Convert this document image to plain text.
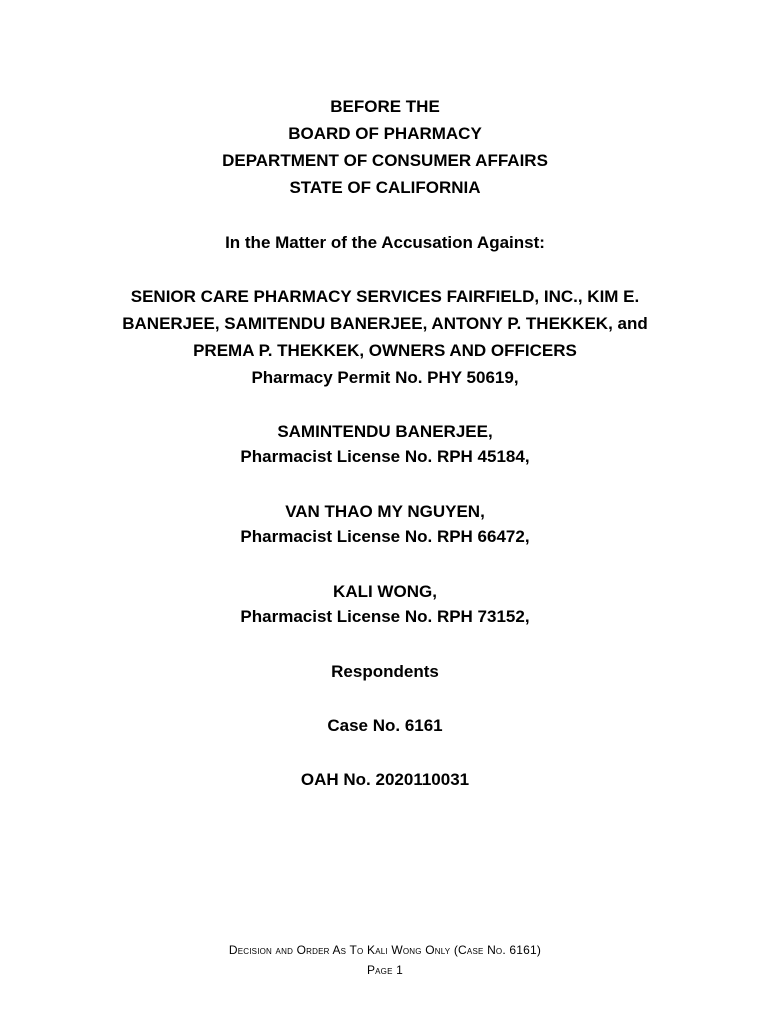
BEFORE THE
BOARD OF PHARMACY
DEPARTMENT OF CONSUMER AFFAIRS
STATE OF CALIFORNIA
In the Matter of the Accusation Against:
SENIOR CARE PHARMACY SERVICES FAIRFIELD, INC., KIM E.
BANERJEE, SAMITENDU BANERJEE, ANTONY P. THEKKEK, and
PREMA P. THEKKEK, OWNERS AND OFFICERS
Pharmacy Permit No. PHY 50619,
SAMINTENDU BANERJEE,
Pharmacist License No. RPH 45184,
VAN THAO MY NGUYEN,
Pharmacist License No. RPH 66472,
KALI WONG,
Pharmacist License No. RPH 73152,
Respondents
Case No. 6161
OAH No. 2020110031
Decision and Order As To Kali Wong Only (Case No. 6161)
Page 1
